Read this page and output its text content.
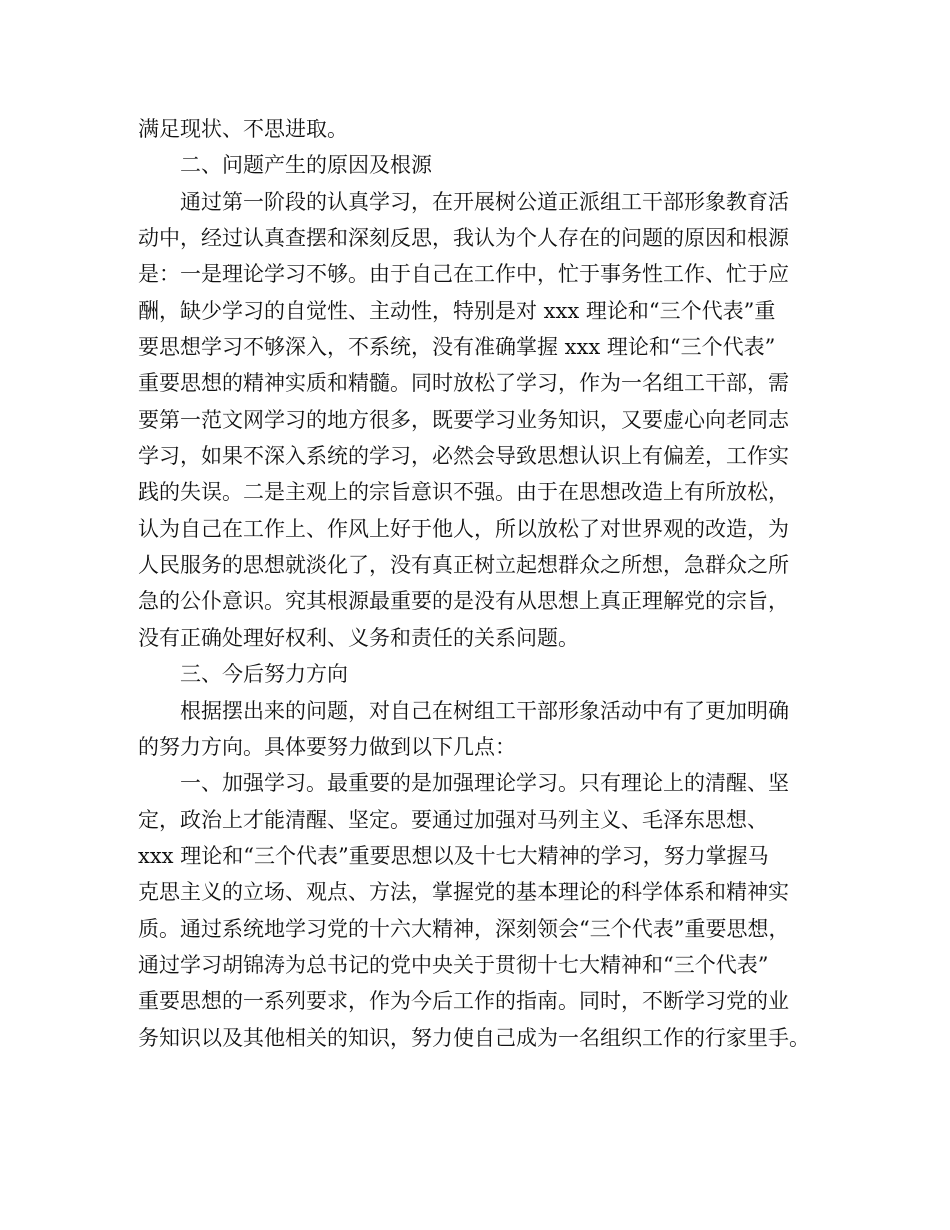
满足现状、不思进取。
二、问题产生的原因及根源
通过第一阶段的认真学习，在开展树公道正派组工干部形象教育活
动中，经过认真查摆和深刻反思，我认为个人存在的问题的原因和根源
是：一是理论学习不够。由于自己在工作中，忙于事务性工作、忙于应
酬，缺少学习的自觉性、主动性，特别是对 xxx 理论和“三个代表”重
要思想学习不够深入，不系统，没有准确掌握 xxx 理论和“三个代表”
重要思想的精神实质和精髓。同时放松了学习，作为一名组工干部，需
要第一范文网学习的地方很多，既要学习业务知识，又要虚心向老同志
学习，如果不深入系统的学习，必然会导致思想认识上有偏差，工作实
践的失误。二是主观上的宗旨意识不强。由于在思想改造上有所放松，
认为自己在工作上、作风上好于他人，所以放松了对世界观的改造，为
人民服务的思想就淡化了，没有真正树立起想群众之所想，急群众之所
急的公仆意识。究其根源最重要的是没有从思想上真正理解党的宗旨，
没有正确处理好权利、义务和责任的关系问题。
三、今后努力方向
根据摆出来的问题，对自己在树组工干部形象活动中有了更加明确
的努力方向。具体要努力做到以下几点：
一、加强学习。最重要的是加强理论学习。只有理论上的清醒、坚
定，政治上才能清醒、坚定。要通过加强对马列主义、毛泽东思想、
xxx 理论和“三个代表”重要思想以及十七大精神的学习，努力掌握马
克思主义的立场、观点、方法，掌握党的基本理论的科学体系和精神实
质。通过系统地学习党的十六大精神，深刻领会“三个代表”重要思想，
通过学习胡锦涛为总书记的党中央关于贯彻十七大精神和“三个代表”
重要思想的一系列要求，作为今后工作的指南。同时，不断学习党的业
务知识以及其他相关的知识，努力使自己成为一名组织工作的行家里手。
